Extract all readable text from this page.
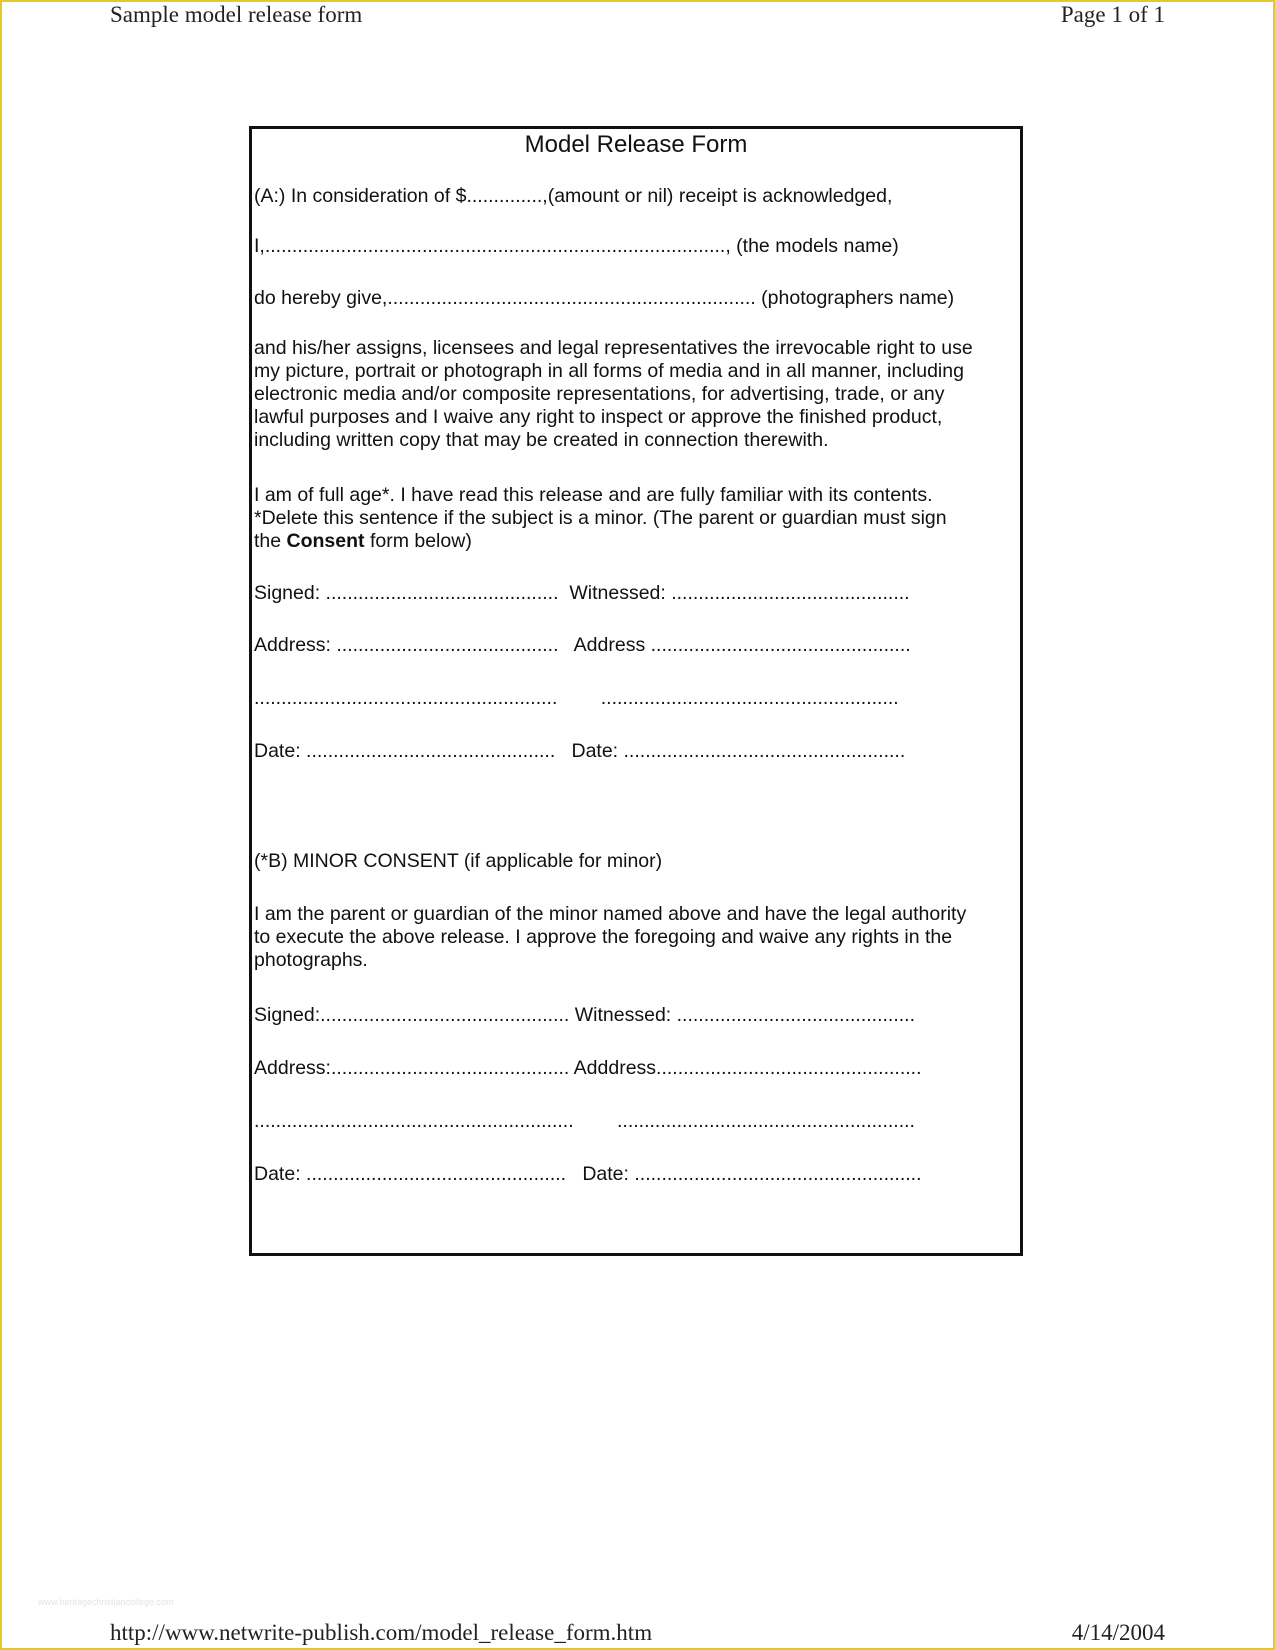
Sample model release form	Page 1 of 1
Model Release Form
(A:) In consideration of $..............,(amount or nil) receipt is acknowledged,
I,....................................................................................., (the models name)
do hereby give,.................................................................... (photographers name)
and his/her assigns, licensees and legal representatives the irrevocable right to use
my picture, portrait or photograph in all forms of media and in all manner, including
electronic media and/or composite representations, for advertising, trade, or any
lawful purposes and I waive any right to inspect or approve the finished product,
including written copy that may be created in connection therewith.
I am of full age*. I have read this release and are fully familiar with its contents.
*Delete this sentence if the subject is a minor. (The parent or guardian must sign
the Consent form below)
Signed: ...........................................  Witnessed: ............................................
Address: .........................................   Address ................................................
........................................................        .......................................................
Date: ..............................................   Date: ....................................................
(*B) MINOR CONSENT (if applicable for minor)
I am the parent or guardian of the minor named above and have the legal authority
to execute the above release. I approve the foregoing and waive any rights in the
photographs.
Signed:.............................................. Witnessed: ............................................
Address:............................................ Adddress.................................................
...........................................................        .......................................................
Date: ................................................   Date: .....................................................
www.heritagechristiancollege.com
http://www.netwrite-publish.com/model_release_form.htm	4/14/2004
